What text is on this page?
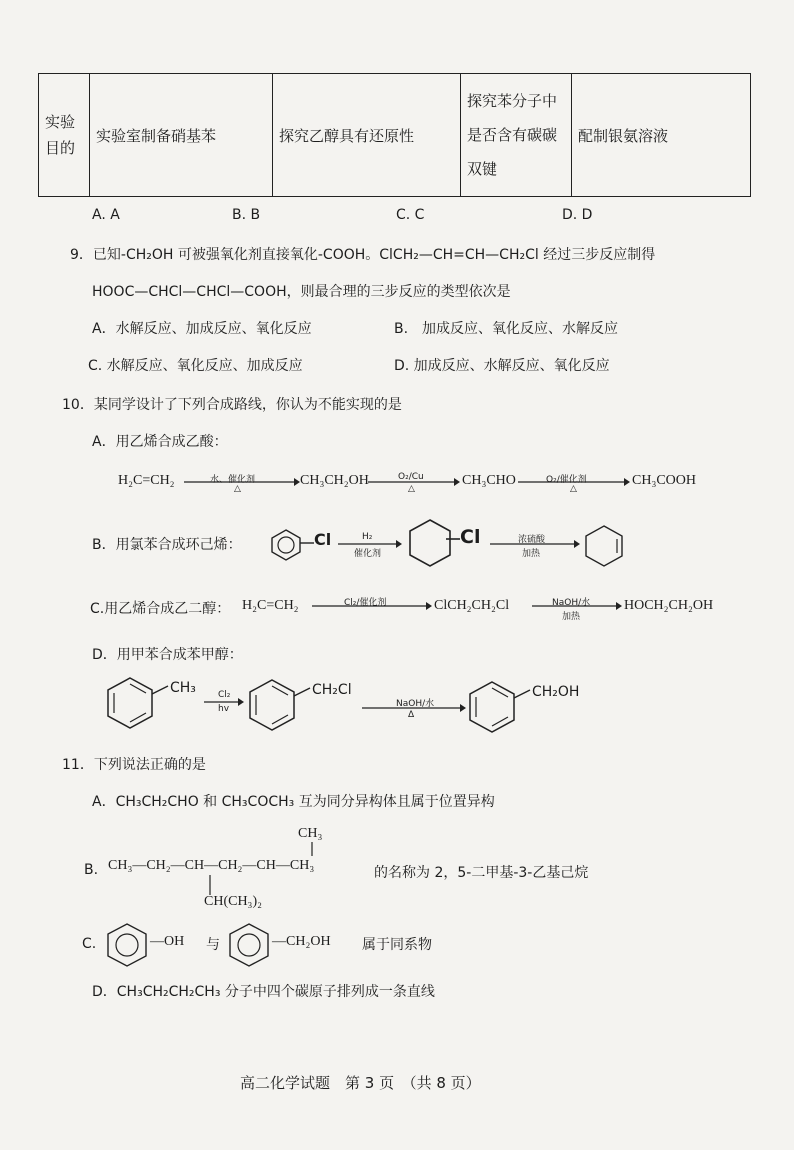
实验目的	实验室制备硝基苯	探究乙醇具有还原性	探究苯分子中是否含有碳碳双键	配制银氨溶液
A. A	B. B	C. C	D. D
9．已知-CH₂OH 可被强氧化剂直接氧化-COOH。ClCH₂—CH=CH—CH₂Cl 经过三步反应制得
HOOC—CHCl—CHCl—COOH，则最合理的三步反应的类型依次是
A．水解反应、加成反应、氧化反应	B.　加成反应、氧化反应、水解反应
C. 水解反应、氧化反应、加成反应	D. 加成反应、水解反应、氧化反应
10．某同学设计了下列合成路线，你认为不能实现的是
A．用乙烯合成乙酸：
H₂C=CH₂	水、催化剂
△
CH₃CH₂OH	O₂/Cu
△
CH₃CHO	O₂/催化剂
△
CH₃COOH
B．用氯苯合成环己烯：	Cl	H₂
催化剂
Cl	浓硫酸
加热
C.用乙烯合成乙二醇： H₂C=CH₂	Cl₂/催化剂	ClCH₂CH₂Cl	NaOH/水
加热
HOCH₂CH₂OH
D．用甲苯合成苯甲醇：
CH₃ Cl₂
hv
CH₂Cl
NaOH/水
Δ
CH₂OH
11．下列说法正确的是
A．CH₃CH₂CHO 和 CH₃COCH₃ 互为同分异构体且属于位置异构
B.
CH₃
CH₃—CH₂—CH—CH₂—CH—CH₃
CH(CH₃)₂
的名称为 2，5-二甲基-3-乙基己烷
C.	—OH 与	—CH₂OH 属于同系物
D．CH₃CH₂CH₂CH₃ 分子中四个碳原子排列成一条直线
高二化学试题　第 3 页　（共 8 页）
